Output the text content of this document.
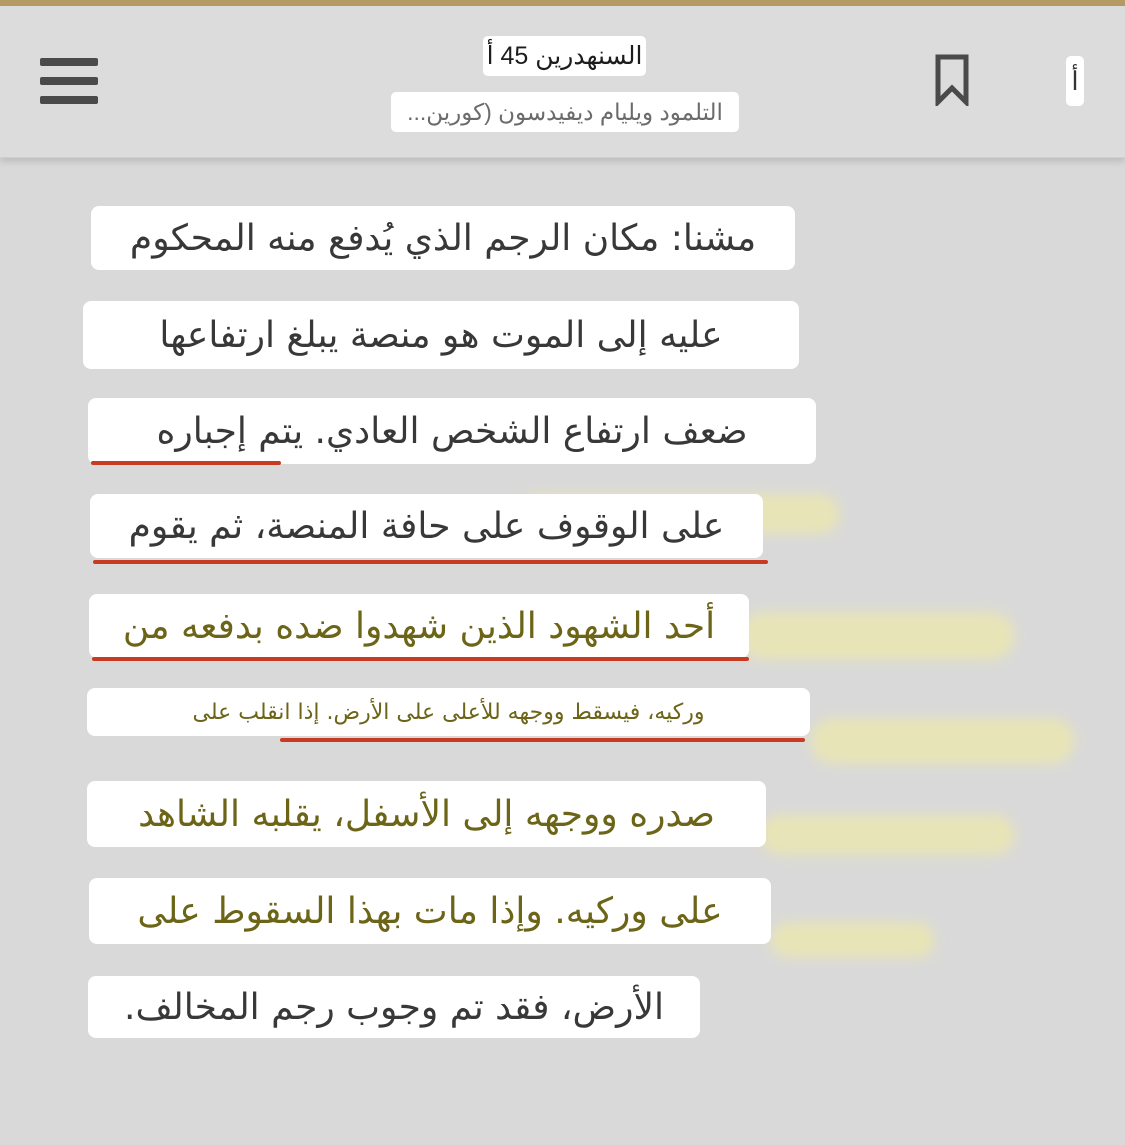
السنهدرين 45 أ
التلمود ويليام ديفيدسون (كورين...
أ
مشنا: مكان الرجم الذي يُدفع منه المحكوم
عليه إلى الموت هو منصة يبلغ ارتفاعها
ضعف ارتفاع الشخص العادي. يتم إجباره
على الوقوف على حافة المنصة، ثم يقوم
أحد الشهود الذين شهدوا ضده بدفعه من
وركيه، فيسقط ووجهه للأعلى على الأرض. إذا انقلب على
صدره ووجهه إلى الأسفل، يقلبه الشاهد
على وركيه. وإذا مات بهذا السقوط على
الأرض، فقد تم وجوب رجم المخالف.
